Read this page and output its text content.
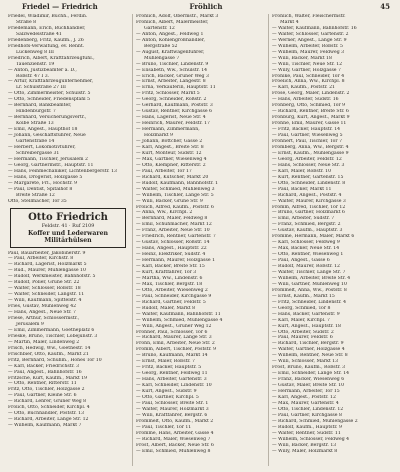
Friedel — Friedrich	Fröhlich	45
Friedel, Wladimir, Buchh., Ferdin.
Straße 8
Friedemann, Erich, Buchhändler,
Salzwedelstraße 41
Friedenberg, Fritz, Kaufm., J. 26
Friedhofs-Verwaltung, ev. Rennt.
Lückenweg 8 III
Friedrich, Albert, Kraftfahrzeugfühl.,
Tauenzienstr. 19
— Anton, Justizbeamter a. D.,
Roßstr. 47 I 3.
— Artur, Kraftfahrzeugunternehmer,
Lr. Schulstraße 27 III
— Otto, Zimmermeister, Schulstr. 5
— Otto, Schneider, Friedenspfahl 5
— Bernhard, Bankbeamter,
Hindenburgstr. 7
— Bernhard, Versicherungsvertr.,
Kolbe Straße 13
— Emil, Angest., Haupthof 18
— Johann, Geschäftsführer, Neue
Gartenstraße 14
— Herbert, Lokomotivführer,
Schreibergasse 31
— Hermann, Tischler, Jerusalem 2
— Georg, Gärtnermstr., Hauptstr. 11
— Hans, Feinmechaniker, Lichtenbergerstr. 13
— Hans, Drogerist, Holzgasse 5
— Margarete, Frl., Hochstr. 9
— Paul, Dentist, Spitalhof 8
Breite Straße 12
Otto, Stellmacher, Tor 35
Otto Friedrich
Feldstr. 41 · Ruf 2109
Koffer und Lederwaren
Militärhülsen
Paul, Bauarbeiter, Jakobinerstr. 9
— Paul, Arbeiter, Kirchstr. 8
— Richard, Lagerist, Holzmarkt 5
— Rud., Maurer, Mühlengasse 10
— Rudolf, Werkmeister, Bahnhofstr. 5
— Rudolf, Polier, Grüne Str. 22
— Walter, Schlosser, Roßstr. 18
— Walter, Schneider, Langstr. 11
— Willi, Kaufmann, Spittelstr. 4
Fries, Gustav, Mühlenweg 42
— Hans, Angest., Neue Str. 7
Friese, Arthur, Schlossermstr.,
Jerusalem 9
— Emil, Zimmermann, Goetheplatz 6
Frieske, Bruno, Tischler, Löbejünstr. 3
— Martin, Maler, Lindenweg 2
Frisch, Hedwig, Ww., Goethestr. 14
Frischbier, Otto, Kaufm., Markt 21
Fritz, Bernhard, Schuhm., Hohes Tor 10
— Karl, Bäcker, Friedrichstr. 3
— Paul, Angest., Bahnhofstr. 16
Fritzsche, Kurt, Kaufm., Markt 19
— Otto, Rentner, Ritterstr. 11
Fritz, Otto, Tischler, Holzgasse 2
— Paul, Gärtner, Kleine Str. 6
— Richard, Lehrer, Grüner Weg 8
Frölich, Otto, Schneider, Kirchpl. 4
— Otto, Buchhändler, Poststr. 13
— Richard, Arbeiter, Lange Str. 12
— Wilhelm, Kaufmann, Markt 7
Fröhlich, Adolf, Obermstr., Markt 3
Fröhlich, Albert, Malermeister,
Gartenstr. 12
— Anton, Angest., Feldweg 1
— Anton, Kohlengroßhändler,
Bergstraße 52
— August, Kraftwagenführer,
Mühlengasse 7
— Bruno, Tischler, Lindenstr. 9
— Elisabeth, Ww., Schulstr. 14
— Erich, Bäcker, Grüner Weg 3
— Ernst, Arbeiter, Langestr. 8
— Erna, Verkäuferin, Hauptstr. 11
— Fritz, Schlosser, Markt 5
— Georg, Schneider, Roßstr. 2
— Gerhard, Kaufmann, Poststr. 3
— Gustav, Rentner, Kirchgasse 6
— Hans, Lagerist, Neue Str. 4
— Heinrich, Maurer, Feldstr. 17
— Hermann, Zimmermann,
Holzmarkt 9
— Johann, Böttcher, Gasse 2
— Karl, Angest., Breite Str. 8
— Kurt, Monteur, Südstr. 12
— Max, Gärtner, Wiesenweg 4
— Otto, Klempner, Ritterstr. 2
— Paul, Arbeiter, Tor 17
— Richard, Kutscher, Markt 20
— Rudolf, Kaufmann, Bahnhofstr. 1
— Walter, Schmied, Mühlenweg 3
— Wilhelm, Tischler, Lange Str. 5
— Willi, Bäcker, Grüne Str. 9
Frölich, Alfred, Kaufm., Poststr. 6
— Anna, Ww., Kirchpl. 2
— Bernhard, Maler, Feldweg 8
— Emil, Schuhmacher, Markt 12
— Franz, Arbeiter, Neue Str. 10
— Friedrich, Rentner, Gartenstr. 7
— Gustav, Schlosser, Roßstr. 14
— Hans, Angest., Hauptstr. 22
— Heinz, Elektriker, Südstr. 4
— Hermann, Maurer, Holzgasse 1
— Karl, Bäcker, Breite Str. 15
— Kurt, Kraftfahrer, Tor 3
— Martha, Ww., Lindenstr. 6
— Max, Tischler, Bergstr. 18
— Otto, Arbeiter, Wiesenweg 2
— Paul, Schneider, Kirchgasse 9
— Richard, Gärtner, Feldstr. 5
— Rudolf, Maler, Markt 8
— Walter, Kaufmann, Bahnhofstr. 11
— Wilhelm, Schmied, Mühlengasse 4
— Willi, Angest., Grüner Weg 12
Fröhner, Paul, Schlosser, Tor 6
— Richard, Maurer, Lange Str. 3
Frohn, Emil, Arbeiter, Neue Str. 2
Fromm, Albert, Tischler, Poststr. 9
— Bruno, Kaufmann, Markt 14
— Ernst, Maler, Roßstr. 7
— Fritz, Bäcker, Hauptstr. 5
— Georg, Rentner, Feldweg 11
— Hans, Arbeiter, Gartenstr. 3
— Karl, Schneider, Lindenstr. 10
— Kurt, Angest., Südstr. 9
— Otto, Gärtner, Kirchpl. 5
— Paul, Schlosser, Breite Str. 1
— Walter, Maurer, Holzmarkt 3
— Willi, Kraftfahrer, Bergstr. 6
Frommelt, Otto, Kaufm., Markt 2
— Paul, Tischler, Tor 11
Fromme, Hans, Arbeiter, Gasse 4
— Richard, Maler, Wiesenweg 7
Frost, Albert, Bäcker, Neue Str. 6
— Emil, Schmied, Mühlenweg 8
Fröhlich, Walter, Fleischermstr.
Markt 4
— Walter, Kaufmann, Bahnhofstr. 16
— Walter, Schlosser, Gartenstr. 2
— Werner, Angest., Lange Str. 9
— Wilhelm, Arbeiter, Roßstr. 5
— Wilhelm, Maurer, Feldweg 3
— Willi, Bäcker, Markt 18
— Willi, Tischler, Neue Str. 12
— Willy, Gärtner, Holzgasse 7
Fröhlke, Paul, Schneider, Tor 4
Froelich, Anna, Ww., Kirchpl. 8
— Karl, Kaufm., Poststr. 21
Fröse, Georg, Maler, Lindenstr. 2
— Hans, Arbeiter, Südstr. 16
Frohberg, Otto, Schmied, Tor 9
— Richard, Rentner, Breite Str. 6
Frohburg, Kurt, Angest., Markt 9
Frohne, Emil, Maurer, Gasse 11
— Fritz, Bäcker, Hauptstr. 14
— Paul, Gärtner, Wiesenweg 5
Frohnert, Paul, Tischler, Tor 7
Fromberg, Anna, Ww., Bergstr. 4
— Ernst, Kaufm., Mühlengasse 9
— Georg, Arbeiter, Feldstr. 12
— Hans, Schlosser, Neue Str. 3
— Karl, Maler, Roßstr. 10
— Kurt, Rentner, Gartenstr. 15
— Otto, Schneider, Lindenstr. 8
— Paul, Bäcker, Markt 11
— Richard, Angest., Poststr. 4
— Walter, Maurer, Kirchgasse 3
Fromm, Alfred, Tischler, Tor 12
— Bruno, Gärtner, Holzmarkt 6
— Emil, Arbeiter, Südstr. 7
— Franz, Schmied, Bergstr. 2
— Gustav, Kaufm., Hauptstr. 3
Fromme, Hermann, Maler, Markt 6
— Karl, Schlosser, Feldweg 9
— Max, Bäcker, Neue Str. 14
— Otto, Rentner, Wiesenweg 1
— Paul, Angest., Gasse 6
— Rudolf, Maurer, Roßstr. 12
— Walter, Tischler, Lange Str. 7
— Wilhelm, Arbeiter, Breite Str. 4
— Willi, Gärtner, Mühlenweg 10
Frommelt, Anna, Ww., Poststr. 8
— Ernst, Kaufm., Markt 15
— Fritz, Schneider, Lindenstr. 4
— Georg, Schmied, Tor 8
— Hans, Bäcker, Gartenstr. 9
— Karl, Maler, Kirchpl. 7
— Kurt, Angest., Hauptstr. 18
— Otto, Arbeiter, Südstr. 2
— Paul, Maurer, Feldstr. 6
— Richard, Tischler, Bergstr. 9
— Walter, Gärtner, Holzgasse 4
— Wilhelm, Rentner, Neue Str. 8
— Willi, Schlosser, Markt 13
Frost, Bruno, Kaufm., Roßstr. 3
— Emil, Schneider, Lange Str. 14
— Franz, Bäcker, Wiesenweg 6
— Gustav, Maler, Breite Str. 10
— Hermann, Arbeiter, Tor 15
— Karl, Angest., Poststr. 12
— Max, Maurer, Gartenstr. 4
— Otto, Tischler, Lindenstr. 12
— Paul, Gärtner, Kirchgasse 8
— Richard, Schmied, Mühlengasse 2
— Rudolf, Kaufm., Hauptstr. 9
— Walter, Rentner, Südstr. 11
— Wilhelm, Schlosser, Feldweg 4
— Willi, Bäcker, Bergstr. 13
— Willy, Maler, Holzmarkt 8
